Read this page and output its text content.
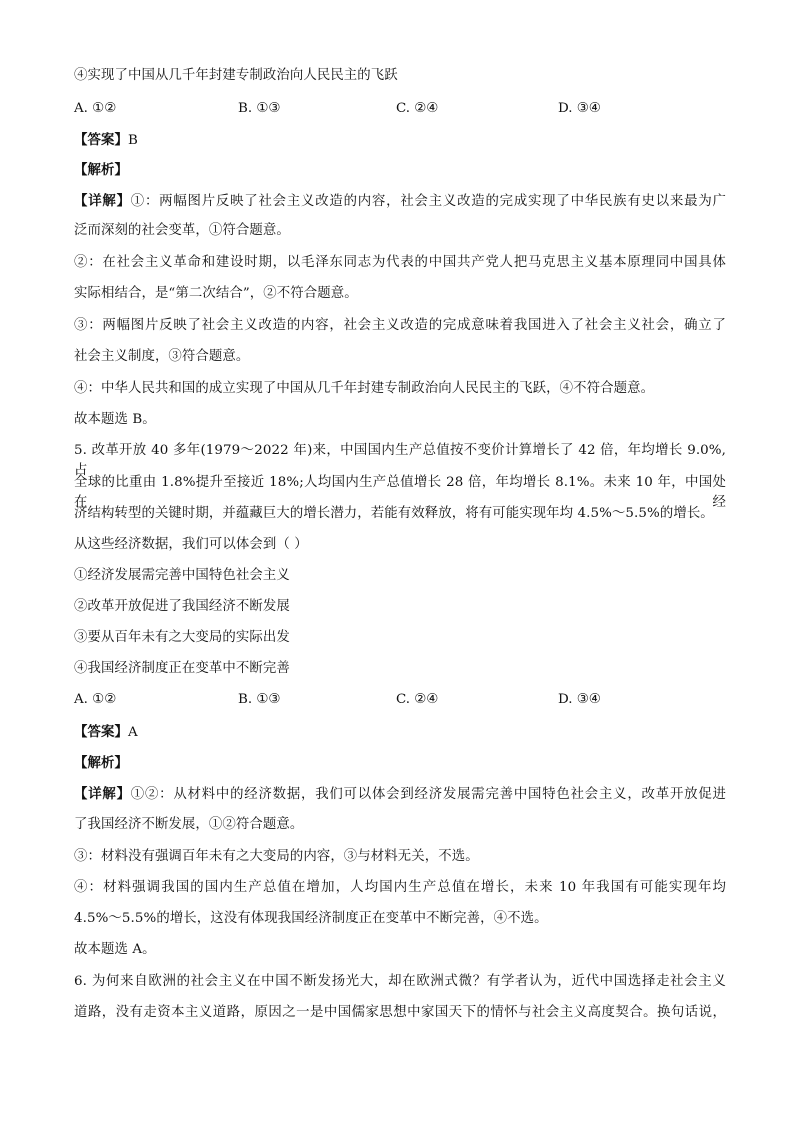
④实现了中国从几千年封建专制政治向人民民主的飞跃
A. ①②	B. ①③	C. ②④	D. ③④
【答案】B
【解析】
【详解】①：两幅图片反映了社会主义改造的内容，社会主义改造的完成实现了中华民族有史以来最为广
泛而深刻的社会变革，①符合题意。
②：在社会主义革命和建设时期，以毛泽东同志为代表的中国共产党人把马克思主义基本原理同中国具体
实际相结合，是“第二次结合”，②不符合题意。
③：两幅图片反映了社会主义改造的内容，社会主义改造的完成意味着我国进入了社会主义社会，确立了
社会主义制度，③符合题意。
④：中华人民共和国的成立实现了中国从几千年封建专制政治向人民民主的飞跃，④不符合题意。
故本题选 B。
5. 改革开放 40 多年(1979～2022 年)来，中国国内生产总值按不变价计算增长了 42 倍，年均增长 9.0%,占
全球的比重由 1.8%提升至接近 18%;人均国内生产总值增长 28 倍，年均增长 8.1%。未来 10 年，中国处在经
济结构转型的关键时期，并蕴藏巨大的增长潜力，若能有效释放，将有可能实现年均 4.5%～5.5%的增长。
从这些经济数据，我们可以体会到（ ）
①经济发展需完善中国特色社会主义
②改革开放促进了我国经济不断发展
③要从百年未有之大变局的实际出发
④我国经济制度正在变革中不断完善
A. ①②	B. ①③	C. ②④	D. ③④
【答案】A
【解析】
【详解】①②：从材料中的经济数据，我们可以体会到经济发展需完善中国特色社会主义，改革开放促进
了我国经济不断发展，①②符合题意。
③：材料没有强调百年未有之大变局的内容，③与材料无关，不选。
④：材料强调我国的国内生产总值在增加，人均国内生产总值在增长，未来 10 年我国有可能实现年均
4.5%～5.5%的增长，这没有体现我国经济制度正在变革中不断完善，④不选。
故本题选 A。
6. 为何来自欧洲的社会主义在中国不断发扬光大，却在欧洲式微？有学者认为，近代中国选择走社会主义
道路，没有走资本主义道路，原因之一是中国儒家思想中家国天下的情怀与社会主义高度契合。换句话说，
